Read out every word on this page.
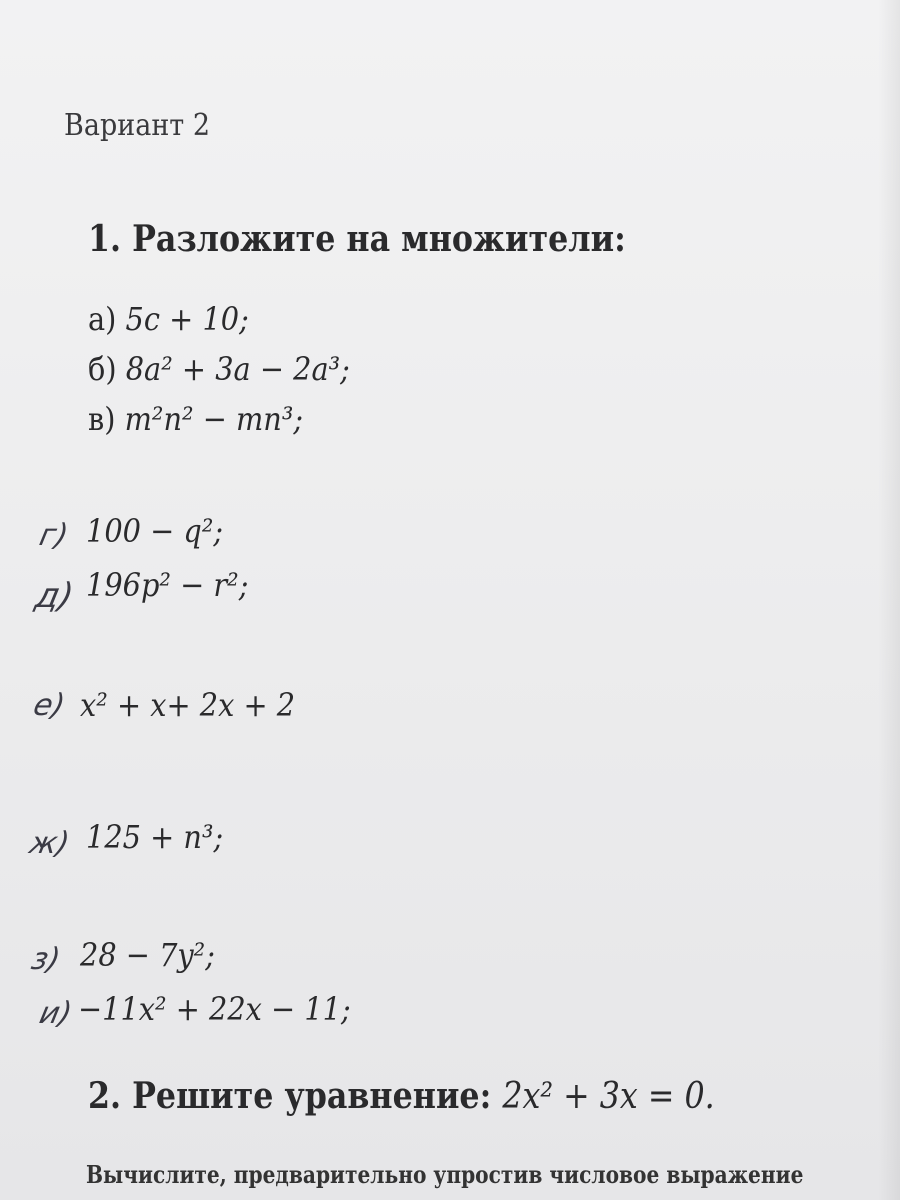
Вариант 2
1. Разложите на множители:
а) 5c + 10;
б) 8a² + 3a − 2a³;
в) m²n² − mn³;
г) 100 − q²;
д) 196p² − r²;
е) x² + x+ 2x + 2
ж) 125 + n³;
з) 28 − 7y²;
и) −11x² + 22x − 11;
2. Решите уравнение: 2x² + 3x = 0.
Вычислите, предварительно упростив числовое выражение
